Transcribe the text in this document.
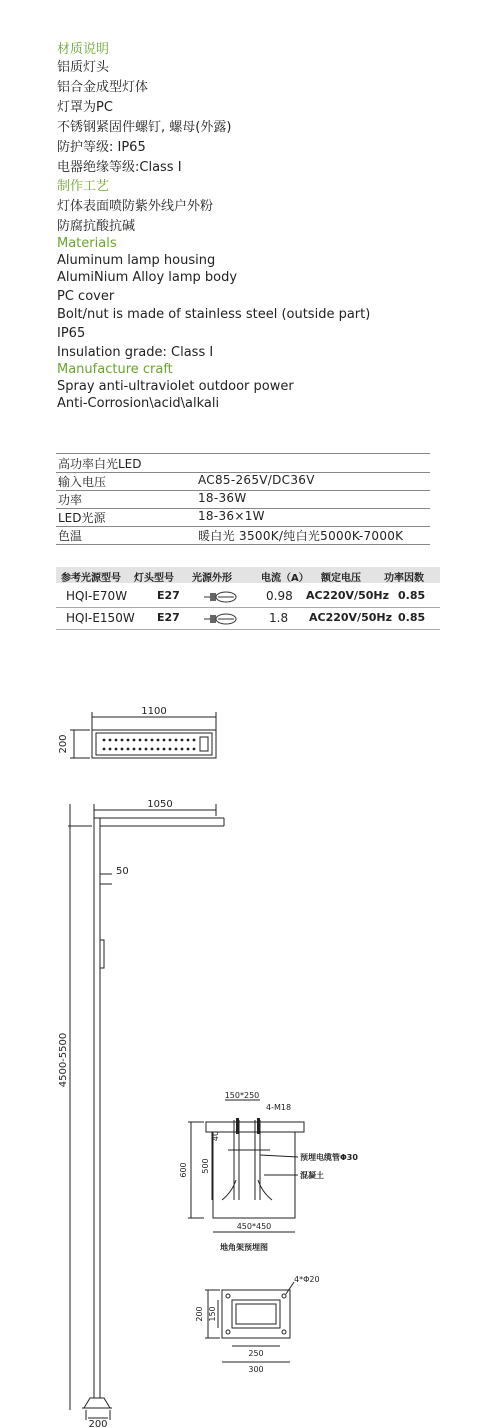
材质说明
铝质灯头
铝合金成型灯体
灯罩为PC
不锈钢紧固件螺钉, 螺母(外露)
防护等级: IP65
电器绝缘等级:Class Ⅰ
制作工艺
灯体表面喷防紫外线户外粉
防腐抗酸抗碱
Materials
Aluminum lamp housing
AlumiNium Alloy lamp body
PC cover
Bolt/nut is made of stainless steel (outside part)
IP65
Insulation grade: Class I
Manufacture craft
Spray anti-ultraviolet outdoor power
Anti-Corrosion\acid\alkali
高功率白光LED
输入电压	AC85-265V/DC36V
功率	18-36W
LED光源	18-36×1W
色温	暖白光 3500K/纯白光5000K-7000K
参考光源型号 灯头型号 光源外形	电流（A） 额定电压 功率因数
HQI-E70W	E27	0.98 AC220V/50Hz 0.85
HQI-E150W E27	1.8 AC220V/50Hz 0.85
1100
200
1050
50
4500-5500
200
150*250
4-M18
40
600 500
预埋电缆管Φ30
混凝土
450*450
地角架预埋图
4*Φ20
200 150
250
300
